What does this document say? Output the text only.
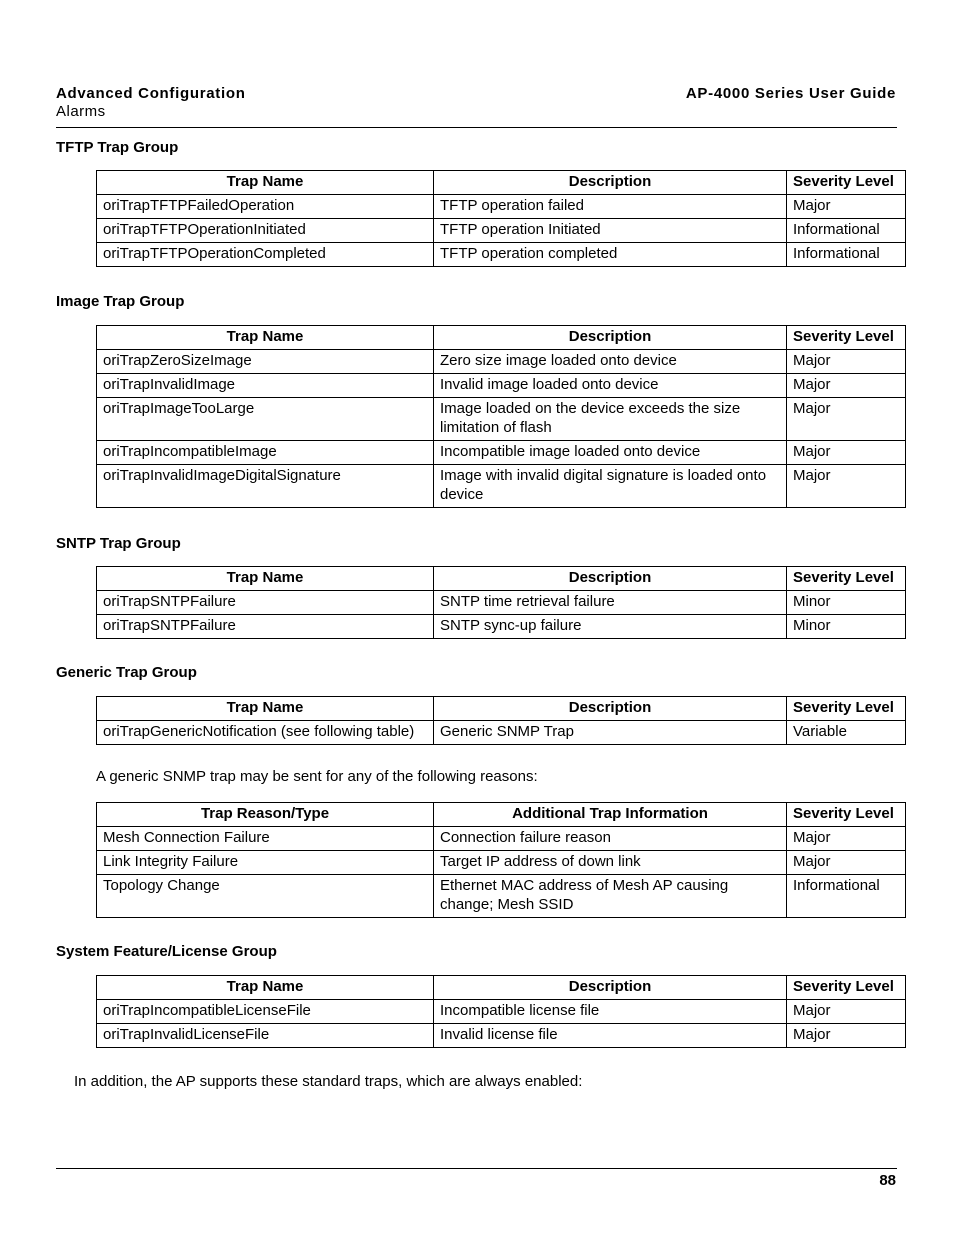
Advanced Configuration
Alarms
AP-4000 Series User Guide
TFTP Trap Group
Trap Name	Description	Severity Level
oriTrapTFTPFailedOperation	TFTP operation failed	Major
oriTrapTFTPOperationInitiated	TFTP operation Initiated	Informational
oriTrapTFTPOperationCompleted	TFTP operation completed	Informational
Image Trap Group
Trap Name	Description	Severity Level
oriTrapZeroSizeImage	Zero size image loaded onto device	Major
oriTrapInvalidImage	Invalid image loaded onto device	Major
oriTrapImageTooLarge	Image loaded on the device exceeds the size limitation of flash	Major
oriTrapIncompatibleImage	Incompatible image loaded onto device	Major
oriTrapInvalidImageDigitalSignature	Image with invalid digital signature is loaded onto device	Major
SNTP Trap Group
Trap Name	Description	Severity Level
oriTrapSNTPFailure	SNTP time retrieval failure	Minor
oriTrapSNTPFailure	SNTP sync-up failure	Minor
Generic Trap Group
Trap Name	Description	Severity Level
oriTrapGenericNotification (see following table)	Generic SNMP Trap	Variable
A generic SNMP trap may be sent for any of the following reasons:
Trap Reason/Type	Additional Trap Information	Severity Level
Mesh Connection Failure	Connection failure reason	Major
Link Integrity Failure	Target IP address of down link	Major
Topology Change	Ethernet MAC address of Mesh AP causing change; Mesh SSID	Informational
System Feature/License Group
Trap Name	Description	Severity Level
oriTrapIncompatibleLicenseFile	Incompatible license file	Major
oriTrapInvalidLicenseFile	Invalid license file	Major
In addition, the AP supports these standard traps, which are always enabled:
88
